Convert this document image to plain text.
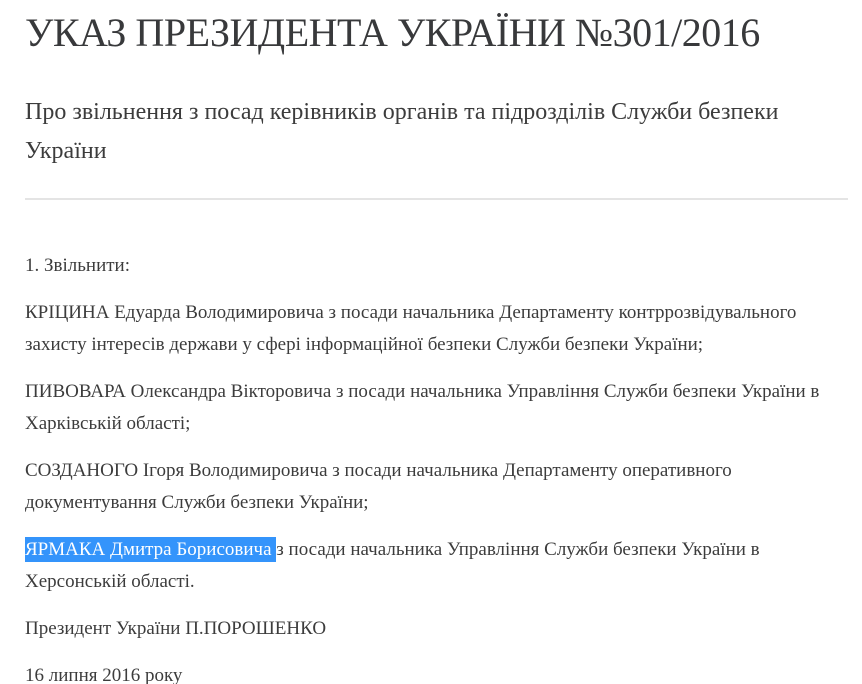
УКАЗ ПРЕЗИДЕНТА УКРАЇНИ №301/2016
Про звільнення з посад керівників органів та підрозділів Служби безпеки України

1. Звільнити:

КРІЦИНА Едуарда Володимировича з посади начальника Департаменту контррозвідувального захисту інтересів держави у сфері інформаційної безпеки Служби безпеки України;

ПИВОВАРА Олександра Вікторовича з посади начальника Управління Служби безпеки України в Харківській області;

СОЗДАНОГО Ігоря Володимировича з посади начальника Департаменту оперативного документування Служби безпеки України;

ЯРМАКА Дмитра Борисовича з посади начальника Управління Служби безпеки України в Херсонській області.

Президент України П.ПОРОШЕНКО

16 липня 2016 року
